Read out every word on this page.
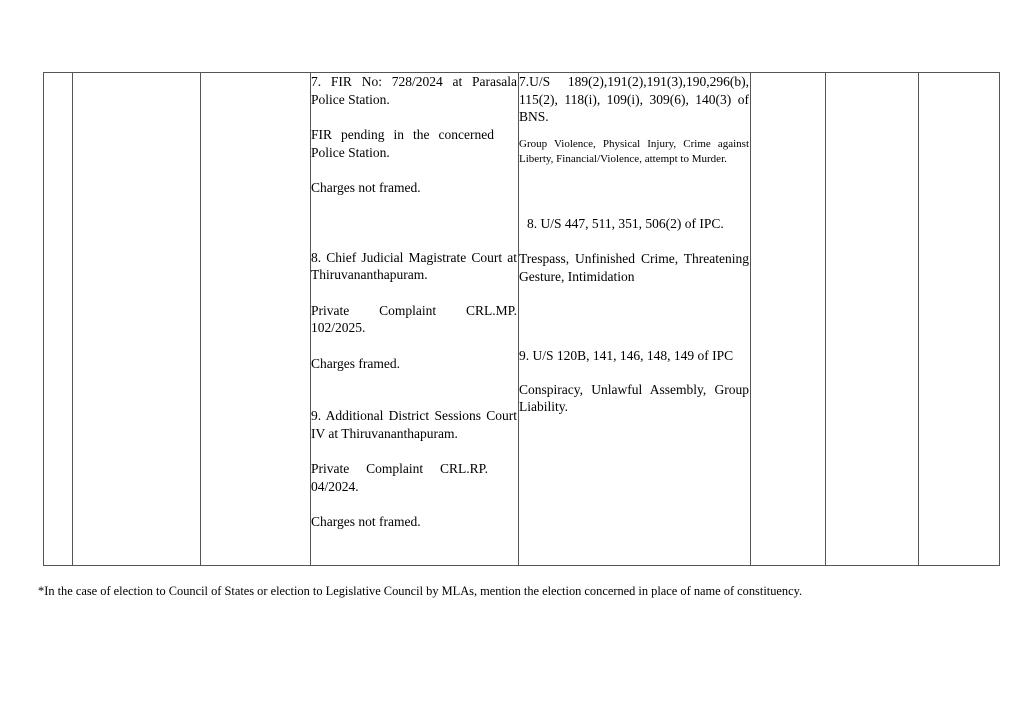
7. FIR No: 728/2024 at Parasala Police Station.
FIR pending in the concerned Police Station.
Charges not framed.
8. Chief Judicial Magistrate Court at Thiruvananthapuram.
Private Complaint CRL.MP. 102/2025.
Charges framed.
9. Additional District Sessions Court IV at Thiruvananthapuram.
Private Complaint CRL.RP. 04/2024.
Charges not framed.

7.U/S 189(2),191(2),191(3),190,296(b), 115(2), 118(i), 109(i), 309(6), 140(3) of BNS.
Group Violence, Physical Injury, Crime against Liberty, Financial/Violence, attempt to Murder.
8. U/S 447, 511, 351, 506(2) of IPC.
Trespass, Unfinished Crime, Threatening Gesture, Intimidation
9. U/S 120B, 141, 146, 148, 149 of IPC
Conspiracy, Unlawful Assembly, Group Liability.

*In the case of election to Council of States or election to Legislative Council by MLAs, mention the election concerned in place of name of constituency.
